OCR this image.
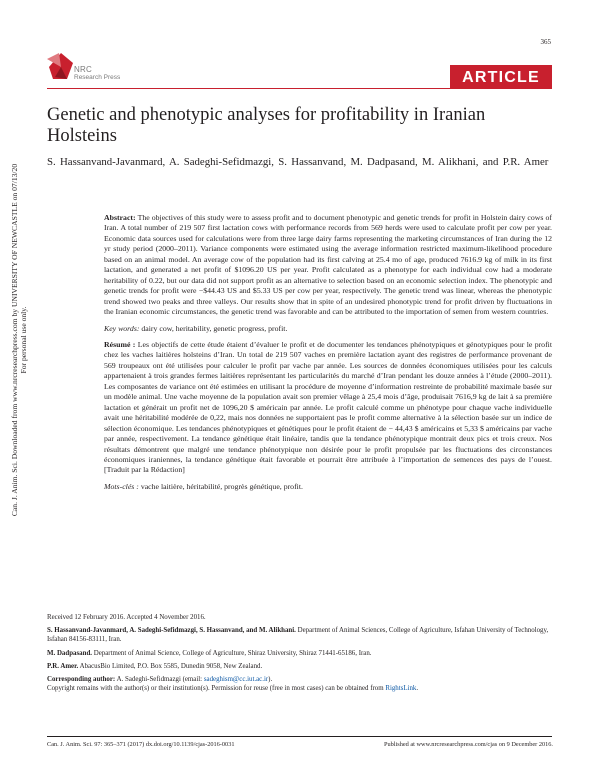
365
NRC
Research Press	ARTICLE
Can. J. Anim. Sci. Downloaded from www.nrcresearchpress.com by UNIVERSITY OF NEWCASTLE on 07/13/20 For personal use only.
Genetic and phenotypic analyses for profitability in Iranian Holsteins

S. Hassanvand-Javanmard, A. Sadeghi-Sefidmazgi, S. Hassanvand, M. Dadpasand, M. Alikhani, and P.R. Amer

Abstract: The objectives of this study were to assess profit and to document phenotypic and genetic trends for profit in Holstein dairy cows of Iran. A total number of 219 507 first lactation cows with performance records from 569 herds were used to calculate profit per cow per year. Economic data sources used for calculations were from three large dairy farms representing the marketing circumstances of Iran during the 12 yr study period (2000–2011). Variance components were estimated using the average information restricted maximum-likelihood procedure based on an animal model. An average cow of the population had its first calving at 25.4 mo of age, produced 7616.9 kg of milk in its first lactation, and generated a net profit of $1096.20 US per year. Profit calculated as a phenotype for each individual cow had a moderate heritability of 0.22, but our data did not support profit as an alternative to selection based on an economic selection index. The phenotypic and genetic trends for profit were −$44.43 US and $5.33 US per cow per year, respectively. The genetic trend was linear, whereas the phenotypic trend showed two peaks and three valleys. Our results show that in spite of an undesired phonotypic trend for profit driven by fluctuations in the Iranian economic circumstances, the genetic trend was favorable and can be attributed to the importation of semen from western countries.

Key words: dairy cow, heritability, genetic progress, profit.

Résumé : Les objectifs de cette étude étaient d’évaluer le profit et de documenter les tendances phénotypiques et génotypiques pour le profit chez les vaches laitières holsteins d’Iran. Un total de 219 507 vaches en première lactation ayant des registres de performance provenant de 569 troupeaux ont été utilisées pour calculer le profit par vache par année. Les sources de données économiques utilisées pour les calculs appartenaient à trois grandes fermes laitières représentant les particularités du marché d’Iran pendant les douze années à l’étude (2000–2011). Les composantes de variance ont été estimées en utilisant la procédure de moyenne d’information restreinte de probabilité maximale basée sur un modèle animal. Une vache moyenne de la population avait son premier vêlage à 25,4 mois d’âge, produisait 7616,9 kg de lait à sa première lactation et générait un profit net de 1096,20 $ américain par année. Le profit calculé comme un phénotype pour chaque vache individuelle avait une héritabilité modérée de 0,22, mais nos données ne supportaient pas le profit comme alternative à la sélection basée sur un indice de sélection économique. Les tendances phénotypiques et génétiques pour le profit étaient de − 44,43 $ américains et 5,33 $ américains par vache par année, respectivement. La tendance génétique était linéaire, tandis que la tendance phénotypique montrait deux pics et trois creux. Nos résultats démontrent que malgré une tendance phénotypique non désirée pour le profit propulsée par les fluctuations des circonstances économiques iraniennes, la tendance génétique était favorable et pourrait être attribuée à l’importation de semences des pays de l’ouest. [Traduit par la Rédaction]

Mots-clés : vache laitière, héritabilité, progrès génétique, profit.

Received 12 February 2016. Accepted 4 November 2016.

S. Hassanvand-Javanmard, A. Sadeghi-Sefidmazgi, S. Hassanvand, and M. Alikhani. Department of Animal Sciences, College of Agriculture, Isfahan University of Technology, Isfahan 84156-83111, Iran.

M. Dadpasand. Department of Animal Science, College of Agriculture, Shiraz University, Shiraz 71441-65186, Iran.

P.R. Amer. AbacusBio Limited, P.O. Box 5585, Dunedin 9058, New Zealand.

Corresponding author: A. Sadeghi-Sefidmazgi (email: sadeghism@cc.iut.ac.ir).

Copyright remains with the author(s) or their institution(s). Permission for reuse (free in most cases) can be obtained from RightsLink.

Can. J. Anim. Sci. 97: 365–371 (2017) dx.doi.org/10.1139/cjas-2016-0031	Published at www.nrcresearchpress.com/cjas on 9 December 2016.
